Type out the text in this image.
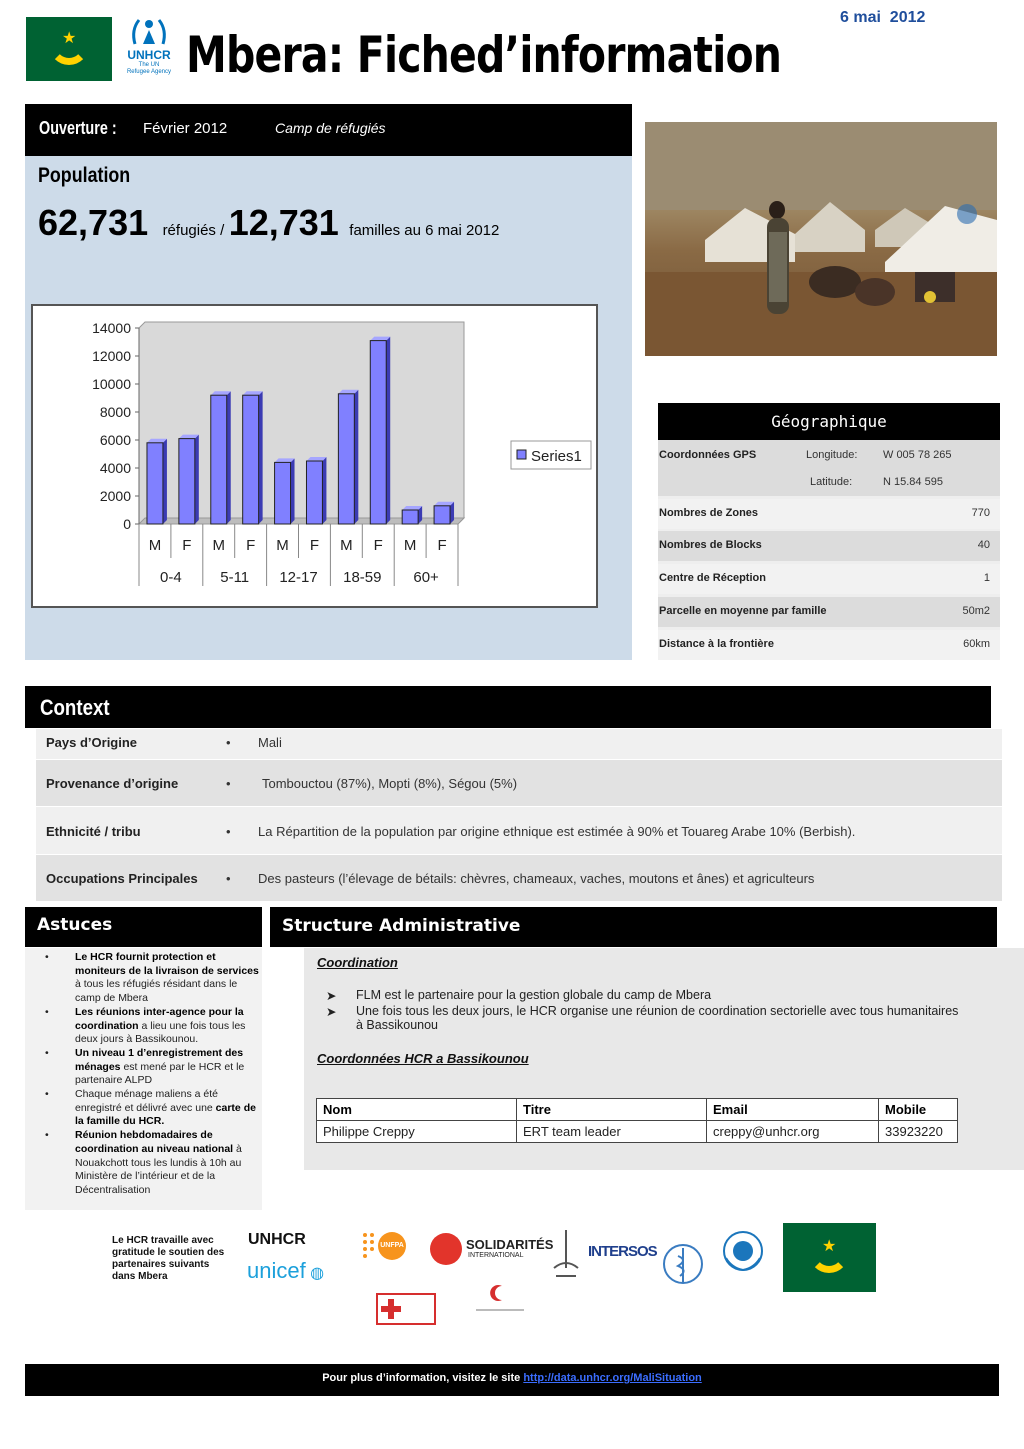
★
UNHCR
The UN
Refugee Agency Mbera: Fiched’information
6 mai  2012
Ouverture : Février 2012	Camp de réfugiés
Population
62,731 réfugiés / 12,731 familles au 6 mai 2012
14000
12000
10000
8000
6000
4000
2000
0
M F M F M F M F M F
0-4	5-11 12-17 18-59 60+
Series1
Géographique
Coordonnées GPS	Longitude: W 005 78 265
Latitude:	N 15.84 595
Nombres de Zones	770
Nombres de Blocks	40
Centre de Réception	1
Parcelle en moyenne par famille	50m2
Distance à la frontière	60km
Context
Pays d’Origine	• Mali
Provenance d’origine	• Tombouctou (87%), Mopti (8%), Ségou (5%)
Ethnicité / tribu	• La Répartition de la population par origine ethnique est estimée à 90% et Touareg Arabe 10% (Berbish).
Occupations Principales • Des pasteurs (l’élevage de bétails: chèvres, chameaux, vaches, moutons et ânes) et agriculteurs
Astuces
•	Le HCR fournit protection et moniteurs de la livraison de services à tous les réfugiés résidant dans le camp de Mbera
•	Les réunions inter-agence pour la coordination a lieu une fois tous les deux jours à Bassikounou.
•	Un niveau 1 d’enregistrement des ménages est mené par le HCR et le partenaire ALPD
•	Chaque ménage maliens a été enregistré et délivré avec une carte de la famille du HCR.
•	Réunion hebdomadaires de coordination au niveau national à Nouakchott tous les lundis à 10h au Ministère de l’intérieur et de la Décentralisation
Structure Administrative
Coordination
➤	FLM est le partenaire pour la gestion globale du camp de Mbera
➤	Une fois tous les deux jours, le HCR organise une réunion de coordination sectorielle avec tous humanitaires à Bassikounou
Coordonnées HCR a Bassikounou
Nom	Titre	Email	Mobile
Philippe Creppy	ERT team leader	creppy@unhcr.org	33923220
Le HCR travaille avec gratitude le soutien des partenaires suivants dans Mbera
UNHCR
unicef ◍
UNFPA	SOLIDARITÉS
INTERNATIONAL	INTERSOS	★
Pour plus d’information, visitez le site http://data.unhcr.org/MaliSituation
